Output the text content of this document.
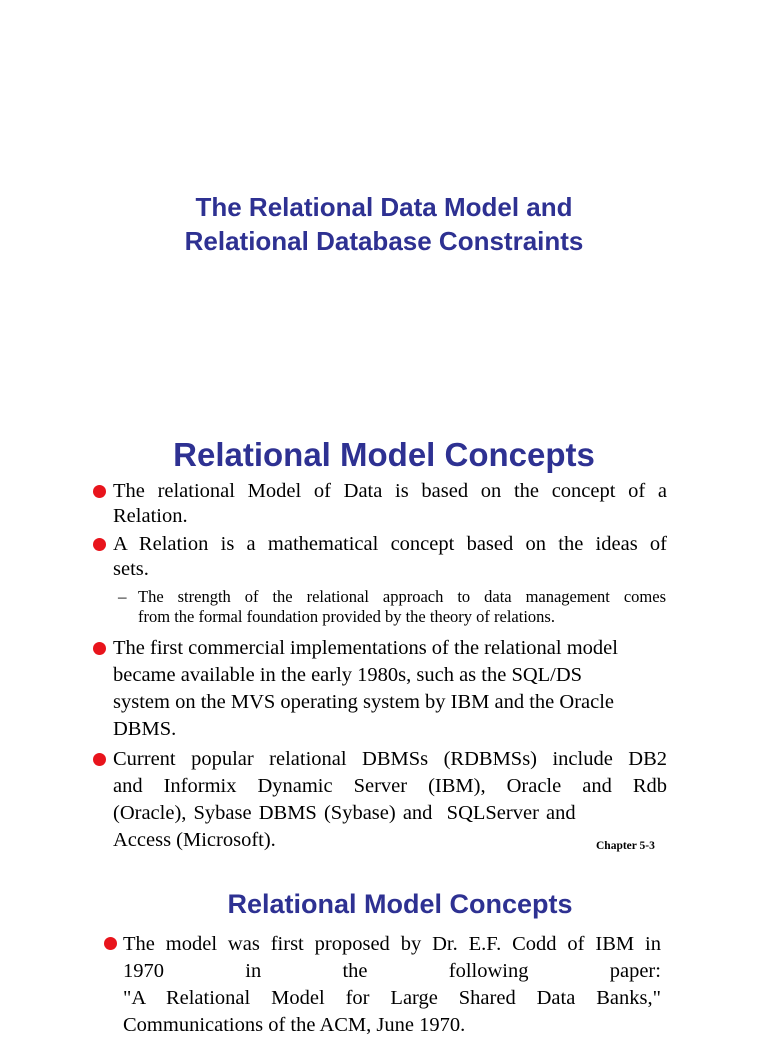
The Relational Data Model and
Relational Database Constraints
Relational Model Concepts
The relational Model of Data is based on the concept of a
Relation.
A Relation is a mathematical concept based on the ideas of
sets.
– The strength of the relational approach to data management comes
from the formal foundation provided by the theory of relations.
The first commercial implementations of the relational model
became available in the early 1980s, such as the SQL/DS
system on the MVS operating system by IBM and the Oracle
DBMS.
Current popular relational DBMSs (RDBMSs) include DB2
and Informix Dynamic Server (IBM), Oracle and Rdb
(Oracle), Sybase DBMS (Sybase) and  SQLServer and
Access (Microsoft).	Chapter 5-3
Relational Model Concepts
The model was first proposed by Dr. E.F. Codd of IBM in
1970	in	the	following	paper:
"A Relational Model for Large Shared Data Banks,"
Communications of the ACM, June 1970.
